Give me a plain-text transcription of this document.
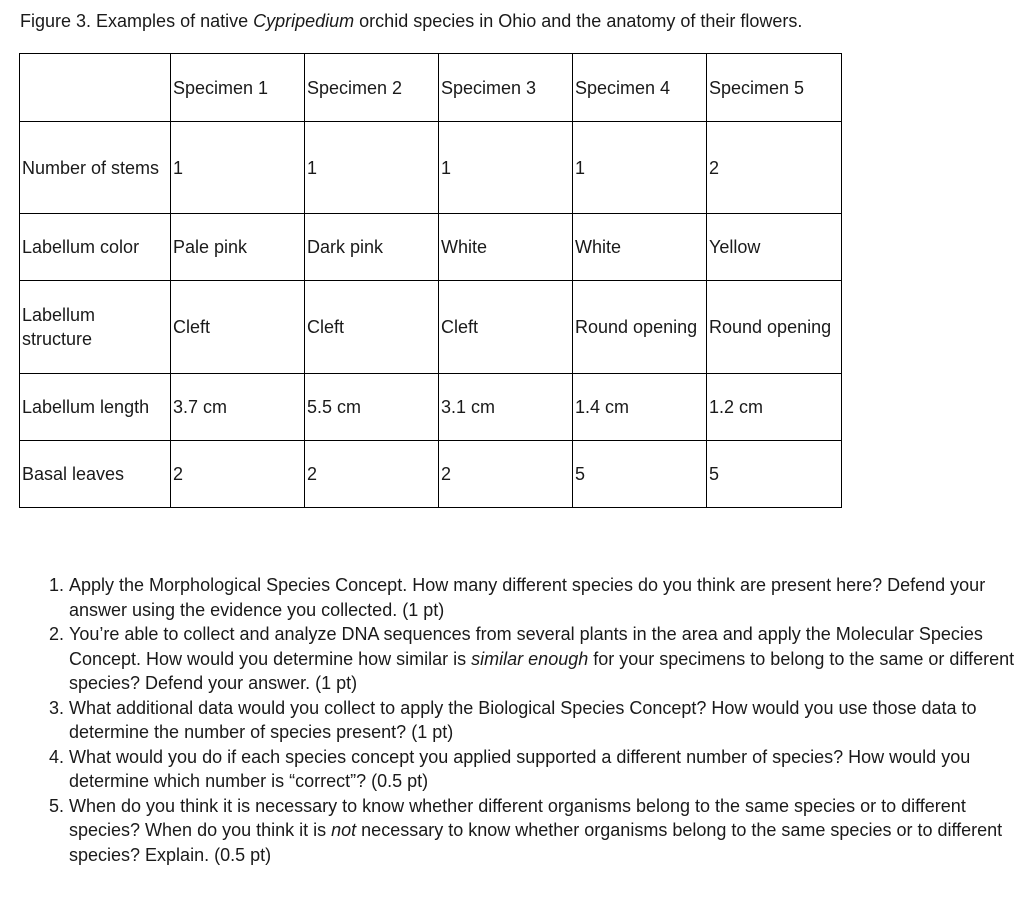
Figure 3. Examples of native Cypripedium orchid species in Ohio and the anatomy of their flowers.
	Specimen 1	Specimen 2	Specimen 3	Specimen 4	Specimen 5
Number of stems	1	1	1	1	2
Labellum color	Pale pink	Dark pink	White	White	Yellow
Labellum structure	Cleft	Cleft	Cleft	Round opening	Round opening
Labellum length	3.7 cm	5.5 cm	3.1 cm	1.4 cm	1.2 cm
Basal leaves	2	2	2	5	5
1. Apply the Morphological Species Concept. How many different species do you think are present here? Defend your answer using the evidence you collected. (1 pt)
2. You’re able to collect and analyze DNA sequences from several plants in the area and apply the Molecular Species Concept. How would you determine how similar is similar enough for your specimens to belong to the same or different species? Defend your answer. (1 pt)
3. What additional data would you collect to apply the Biological Species Concept? How would you use those data to determine the number of species present? (1 pt)
4. What would you do if each species concept you applied supported a different number of species? How would you determine which number is “correct”? (0.5 pt)
5. When do you think it is necessary to know whether different organisms belong to the same species or to different species? When do you think it is not necessary to know whether organisms belong to the same species or to different species? Explain. (0.5 pt)
